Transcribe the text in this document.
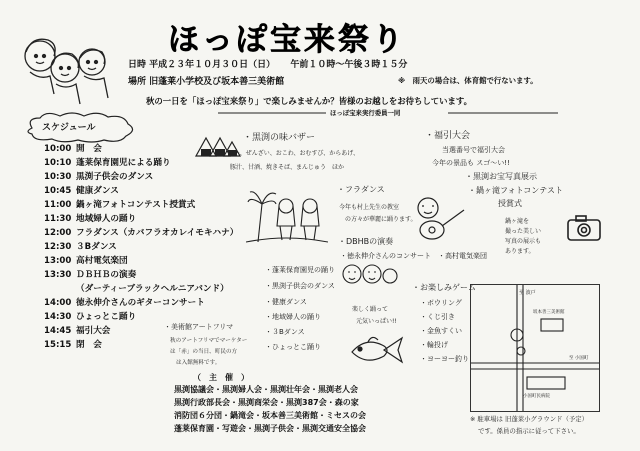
ほっぽ宝来祭り
日時 平成２３年１０月３０日（日） 午前１０時〜午後３時１５分
場所 旧蓬莱小学校及び坂本善三美術館	※　雨天の場合は、体育館で行ないます。
秋の一日を「ほっぽ宝来祭り」で楽しみませんか？皆様のお越しをお待ちしています。
ほっぽ宝来実行委員一同
スケジュール
10:00 開　会
10:10 蓬莱保育園児による踊り
10:30 黒渕子供会のダンス
10:45 健康ダンス
11:00 鍋ヶ滝フォトコンテスト授賞式
11:30 地域婦人の踊り
12:00 フラダンス（カバフラオカレイモキハナ）
12:30 ３Bダンス
13:00 高村電気楽団
13:30 ＤＢＨＢの演奏
（ダーティーブラックヘルニアバンド）
14:00 徳永伸介さんのギターコンサート
14:30 ひょっとこ踊り
14:45 福引大会
15:15 閉　会
・黒渕の味バザー
ガー、ぜんざい、おこわ、おむすび、からあげ、
豚汁、甘酒、焼きそば、まんじゅう　ほか
・福引大会
当選番号で福引大会
今年の景品も スゴ〜い!!
・黒渕お宝写真展示
・鍋ヶ滝フォトコンテスト
授賞式
鍋ヶ滝を
撮った美しい
写真の展示も
あります。
・フラダンス
今年も村上先生の教室
の方々が華麗に踊ります。
・DBHBの演奏
・徳永伸介さんのコンサート　・高村電気楽団
・蓬莱保育園児の踊り
・黒渕子供会のダンス
・健康ダンス
・地域婦人の踊り
・３Bダンス
・ひょっとこ踊り
楽しく踊って
元気いっぱい!!
・お楽しみゲーム
・ボウリング
・くじ引き
・金魚すくい
・輪投げ
・ヨーヨー釣り
至 波戸
坂本善三美術館
小国町民病院
至 小国町
・美術館アートフリマ
秋のアートフリマでマーケター
は「赤」の当日、町民の方
は入館無料です。
（　主　催　）
黒渕協議会・黒渕婦人会・黒渕壮年会・黒渕老人会
黒渕行政部長会・黒渕商栄会・黒渕387会・森の家
消防団６分団・鍋滝会・坂本善三美術館・ミセスの会
蓬莱保育園・写遊会・黒渕子供会・黒渕交通安全協会
※ 駐車場は 旧蓬莱小グラウンド（予定）
です。係員の指示に従って下さい。
